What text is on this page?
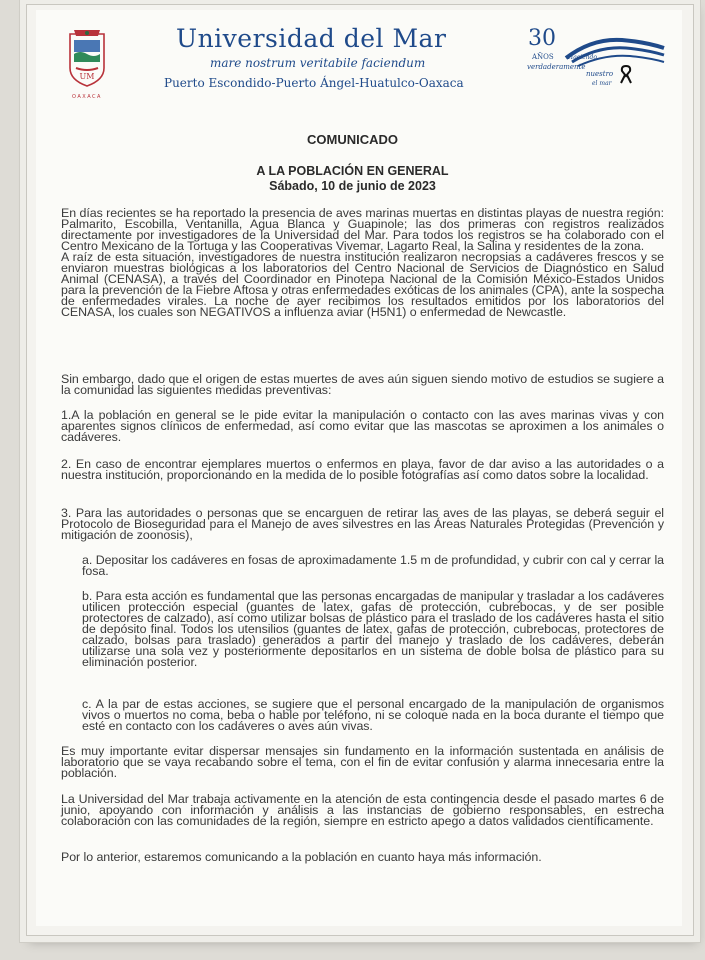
UM
OAXACA
Universidad del Mar
mare nostrum veritabile faciendum
Puerto Escondido-Puerto Ángel-Huatulco-Oaxaca
30
AÑOS Haciendo
verdaderamente
nuestro
el mar
COMUNICADO
A LA POBLACIÓN EN GENERAL
Sábado, 10 de junio de 2023

En días recientes se ha reportado la presencia de aves marinas muertas en distintas playas de nuestra región: Palmarito, Escobilla, Ventanilla, Agua Blanca y Guapinole; las dos primeras con registros realizados directamente por investigadores de la Universidad del Mar. Para todos los registros se ha colaborado con el Centro Mexicano de la Tortuga y las Cooperativas Vivemar, Lagarto Real, la Salina y residentes de la zona.

A raíz de esta situación, investigadores de nuestra institución realizaron necropsias a cadáveres frescos y se enviaron muestras biológicas a los laboratorios del Centro Nacional de Servicios de Diagnóstico en Salud Animal (CENASA), a través del Coordinador en Pinotepa Nacional de la Comisión México-Estados Unidos para la prevención de la Fiebre Aftosa y otras enfermedades exóticas de los animales (CPA), ante la sospecha de enfermedades virales. La noche de ayer recibimos los resultados emitidos por los laboratorios del CENASA, los cuales son NEGATIVOS a influenza aviar (H5N1) o enfermedad de Newcastle.

Sin embargo, dado que el origen de estas muertes de aves aún siguen siendo motivo de estudios se sugiere a la comunidad las siguientes medidas preventivas:
1.A la población en general se le pide evitar la manipulación o contacto con las aves marinas vivas y con aparentes signos clínicos de enfermedad, así como evitar que las mascotas se aproximen a los animales o cadáveres.
2. En caso de encontrar ejemplares muertos o enfermos en playa, favor de dar aviso a las autoridades o a nuestra institución, proporcionando en la medida de lo posible fotografías así como datos sobre la localidad.
3. Para las autoridades o personas que se encarguen de retirar las aves de las playas, se deberá seguir el Protocolo de Bioseguridad para el Manejo de aves silvestres en las Áreas Naturales Protegidas (Prevención y mitigación de zoonosis),
a. Depositar los cadáveres en fosas de aproximadamente 1.5 m de profundidad, y cubrir con cal y cerrar la fosa.
b. Para esta acción es fundamental que las personas encargadas de manipular y trasladar a los cadáveres utilicen protección especial (guantes de latex, gafas de protección, cubrebocas, y de ser posible protectores de calzado), así como utilizar bolsas de plástico para el traslado de los cadáveres hasta el sitio de depósito final. Todos los utensilios (guantes de latex, gafas de protección, cubrebocas, protectores de calzado, bolsas para traslado) generados a partir del manejo y traslado de los cadáveres, deberán utilizarse una sola vez y posteriormente depositarlos en un sistema de doble bolsa de plástico para su eliminación posterior.
c. A la par de estas acciones, se sugiere que el personal encargado de la manipulación de organismos vivos o muertos no coma, beba o hable por teléfono, ni se coloque nada en la boca durante el tiempo que esté en contacto con los cadáveres o aves aún vivas.
Es muy importante evitar dispersar mensajes sin fundamento en la información sustentada en análisis de laboratorio que se vaya recabando sobre el tema, con el fin de evitar confusión y alarma innecesaria entre la población.
La Universidad del Mar trabaja activamente en la atención de esta contingencia desde el pasado martes 6 de junio, apoyando con información y análisis a las instancias de gobierno responsables, en estrecha colaboración con las comunidades de la región, siempre en estricto apego a datos validados científicamente.
Por lo anterior, estaremos comunicando a la población en cuanto haya más información.
